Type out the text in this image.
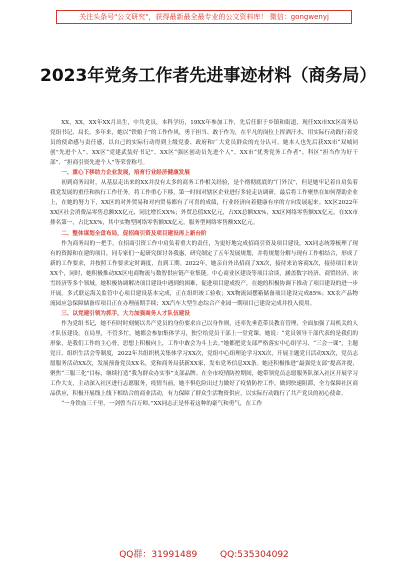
关注头条号"公文研究"，获得最新最全最专业的公文资料库！ 微信：gongwenyj
2023年党务工作者先进事迹材料（商务局）

XX，XX，XX年XX月出生，中共党员，本科学历，19XX年参加工作，先后任职于乡镇和街道，现任XX市XX区商务局党组书记、局长。多年来，她以“铁娘子”的工作作风，勇于担当、敢于作为，在平凡的岗位上挥洒汗水，用实际行动践行着党员的使命感与责任感，以自己的实际行动得到上级党委、政府和广大党员群众的充分认可。她本人也先后获XX市“双城同创”先进个人”、XX区“党建武装好书记”、XX区“强区创动员先进个人”、XX市“优秀党务工作者”、科区“担当作为好干部”、“担商引资先进个人”等荣誉称号。

一、重心下移助力企业发展，培育行业经济健康发展

初到商务局时，从基层走出来的XX并没有太多的商务工作相关经验，是个彻彻底底的“门外汉”，但是她牢记着自肩负着我党发展的重任和执行工作任务。将工作重心下移，第一时间对辖区企业进行多轮走访调研，最后将工作聚焦在如何帮助企业上，在她的努力下，XX区的对外贸易和对内贸易都有了可喜的成绩，行业经济向着健康有序的方向发展起来。XX区2022年XX区社会消费品零售总额XX亿元，同比增长XX%；外贸总值XX亿元，占XX总额XX%，XX区网络零售额XX亿元，在XX市排名第一，占比XX%，其中实物型网络零售额XX亿元，服务型网络零售额XX亿元。

二、整体谋划全盘布局，促招商引资及项目建设再上新台阶

作为商务局的一把手，在招商引资工作中肩负着重大的责任，为更好地完成招商引资及项目建设，XX同志统筹梳理了现有的资源和在建的项目，同专家们一起研究探讨各我惠，研究制定了五年发展规划，并将规划分解与现有工作相结合，形成了新的工作要求，并按照工作要求定时调度，直到工期。2022年，她亲自外出招商了XX次，接待来访客商X次，接待项目来访XX个，同时，她积极推动XX区电商物流与数智供应链产业集链。中心商业区建设等项目洽谈，涵盖数字经济、商贸经济、冰雪经济等多个领域。她积极协调解决项目建设中遇到的困难，促进项目建成投产，在她的积极协调下推动了项目建设的进一步开展。多式联运海关监管中心项目建设基本完成，正在组织竣工验收；XX物流园摆箱储备项目建设完成85%；XX农产品物流园应急保障储备库项目正在办理前期手续；XX汽车大型生态综合产业园一期项目已建设完成并投入使用。

三、以党建引领为抓手，大力加强商务人才队伍建设

作为党组书记，她不但时时刻刻以共产党员的身份要求自己以身作则，还率先垂范带员教育管理，全面加强了局机关的人才队伍建设。在局里，不管多忙，她都会参加集体学习，独空给党员干部上一堂党课。她说：“党员领导干部代表的是我们的形象，是我们工作的主心骨，思想上积极向上，工作中敢会为斗上去。”她都把党支部严格落实中心组学习、“三会一课”，主题党日、组织生活会等制度，2022年共组织机关集体学习XX次，党组中心组理论学习XX次，开展主题党日活动XX次，党员志愿服务活动XX次，发展预备党员XX名，党和商务局获新XX家，发布党务信息XX条。她还积极推进“最强党支部”提高并提，聚焦“三服三化”目标，继续打造“我为群众办实事”支部品牌。在全市疫情防控期间，她带领党员志愿服务队深入社区开展学习工作大支，主动深入社区进行志愿服务，疫情当前，她不惧危险出过力做好了疫情防控工作，做到快速阻滞，全力保障社区商品供应，积极开展线上线下相结合的商业活动，有力保障了群众生活物资供应，以实际行动践行了共产党员的初心使命。

“一身铁血三千里，一剑曾当百万师。”XX同志正是怀着这种的豪气和勇气，在工作

QQ群：31991489	QQ:535304092
